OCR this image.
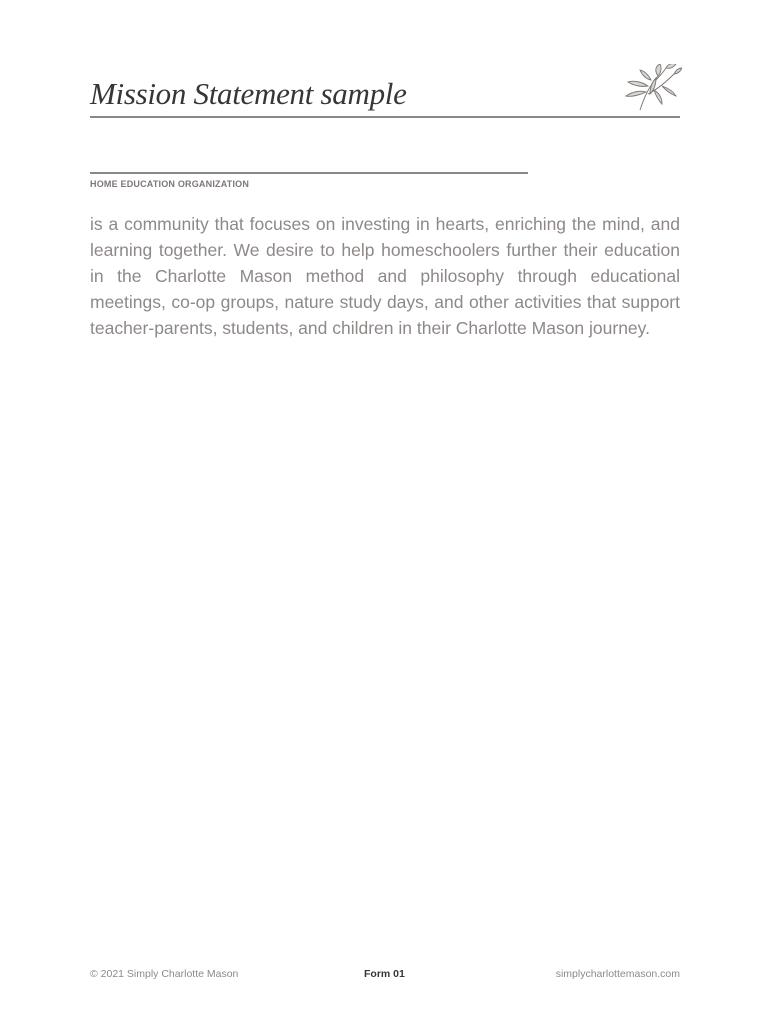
Mission Statement sample
HOME EDUCATION ORGANIZATION

is a community that focuses on investing in hearts, enriching the mind, and learning together. We desire to help homeschoolers further their education in the Charlotte Mason method and philosophy through educational meetings, co-op groups, nature study days, and other activities that support teacher-parents, students, and children in their Charlotte Mason journey.

© 2021 Simply Charlotte Mason	Form 01	simplycharlottemason.com
